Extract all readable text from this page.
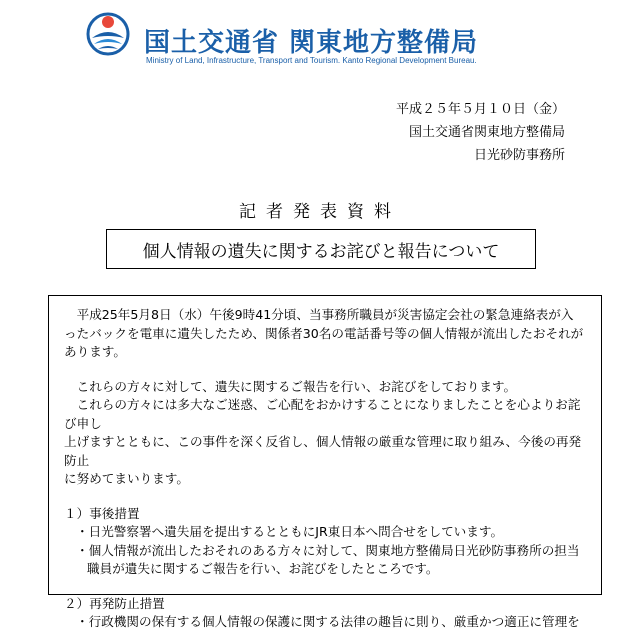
国土交通省 関東地方整備局
Ministry of Land, Infrastructure, Transport and Tourism. Kanto Regional Development Bureau.
平成２５年５月１０日（金）
国土交通省関東地方整備局
日光砂防事務所
記者発表資料
個人情報の遺失に関するお詫びと報告について

平成25年5月8日（水）午後9時41分頃、当事務所職員が災害協定会社の緊急連絡表が入

ったバックを電車に遺失したため、関係者30名の電話番号等の個人情報が流出したおそれが

あります。

これらの方々に対して、遺失に関するご報告を行い、お詫びをしております。

これらの方々には多大なご迷惑、ご心配をおかけすることになりましたことを心よりお詫び申し

上げますとともに、この事件を深く反省し、個人情報の厳重な管理に取り組み、今後の再発防止

に努めてまいります。

１）事後措置

・日光警察署へ遺失届を提出するとともにJR東日本へ問合せをしています。

・個人情報が流出したおそれのある方々に対して、関東地方整備局日光砂防事務所の担当

職員が遺失に関するご報告を行い、お詫びをしたところです。

２）再発防止措置

・行政機関の保有する個人情報の保護に関する法律の趣旨に則り、厳重かつ適正に管理を
